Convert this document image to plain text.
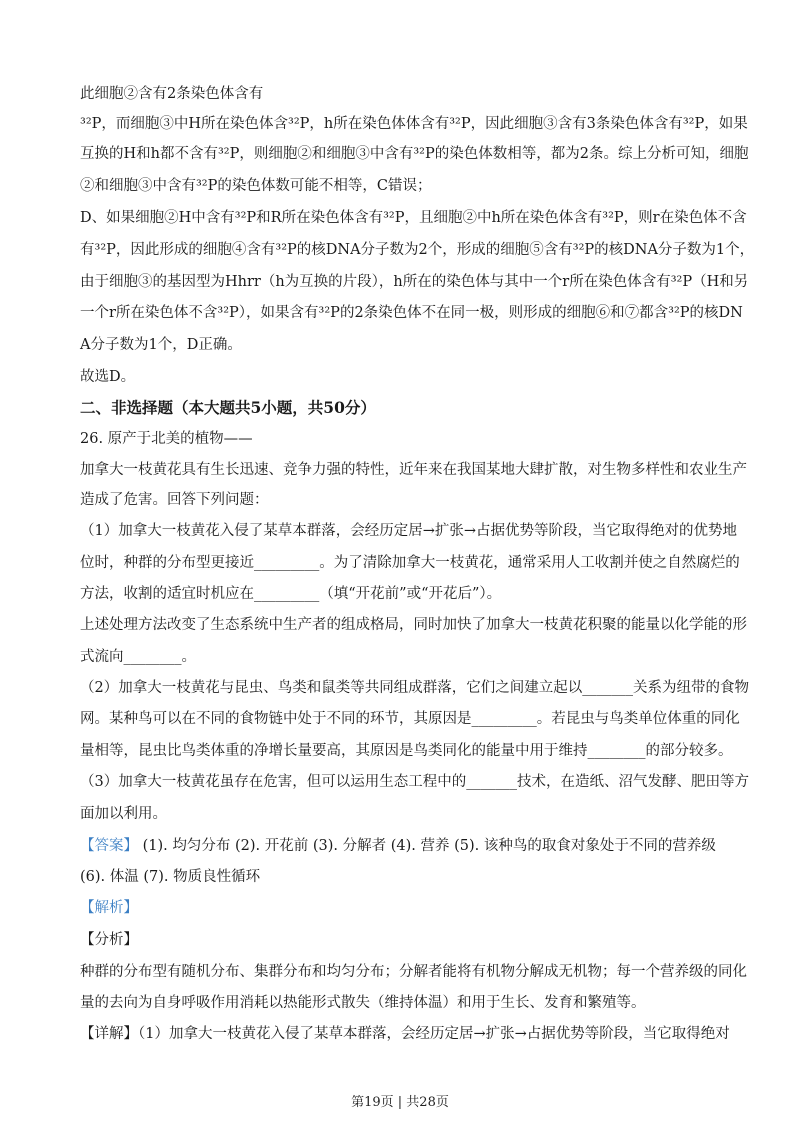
此细胞②含有2条染色体含有
³²P，而细胞③中H所在染色体含³²P，h所在染色体体含有³²P，因此细胞③含有3条染色体含有³²P，如果
互换的H和h都不含有³²P，则细胞②和细胞③中含有³²P的染色体数相等，都为2条。综上分析可知，细胞
②和细胞③中含有³²P的染色体数可能不相等，C错误；
D、如果细胞②H中含有³²P和R所在染色体含有³²P，且细胞②中h所在染色体含有³²P，则r在染色体不含
有³²P，因此形成的细胞④含有³²P的核DNA分子数为2个，形成的细胞⑤含有³²P的核DNA分子数为1个，
由于细胞③的基因型为Hhrr（h为互换的片段），h所在的染色体与其中一个r所在染色体含有³²P（H和另
一个r所在染色体不含³²P），如果含有³²P的2条染色体不在同一极，则形成的细胞⑥和⑦都含³²P的核DN
A分子数为1个，D正确。
故选D。
二、非选择题（本大题共5小题，共50分）
26. 原产于北美的植物——
加拿大一枝黄花具有生长迅速、竞争力强的特性，近年来在我国某地大肆扩散，对生物多样性和农业生产
造成了危害。回答下列问题：
（1）加拿大一枝黄花入侵了某草本群落，会经历定居→扩张→占据优势等阶段，当它取得绝对的优势地
位时，种群的分布型更接近_________。为了清除加拿大一枝黄花，通常采用人工收割并使之自然腐烂的
方法，收割的适宜时机应在_________（填“开花前”或“开花后”）。
上述处理方法改变了生态系统中生产者的组成格局，同时加快了加拿大一枝黄花积聚的能量以化学能的形
式流向________。
（2）加拿大一枝黄花与昆虫、鸟类和鼠类等共同组成群落，它们之间建立起以_______关系为纽带的食物
网。某种鸟可以在不同的食物链中处于不同的环节，其原因是_________。若昆虫与鸟类单位体重的同化
量相等，昆虫比鸟类体重的净增长量要高，其原因是鸟类同化的能量中用于维持________的部分较多。
（3）加拿大一枝黄花虽存在危害，但可以运用生态工程中的_______技术，在造纸、沼气发酵、肥田等方
面加以利用。
【答案】 (1). 均匀分布 (2). 开花前 (3). 分解者 (4). 营养 (5). 该种鸟的取食对象处于不同的营养级
(6). 体温 (7). 物质良性循环
【解析】
【分析】
种群的分布型有随机分布、集群分布和均匀分布；分解者能将有机物分解成无机物；每一个营养级的同化
量的去向为自身呼吸作用消耗以热能形式散失（维持体温）和用于生长、发育和繁殖等。
【详解】（1）加拿大一枝黄花入侵了某草本群落，会经历定居→扩张→占据优势等阶段，当它取得绝对
第19页 | 共28页
